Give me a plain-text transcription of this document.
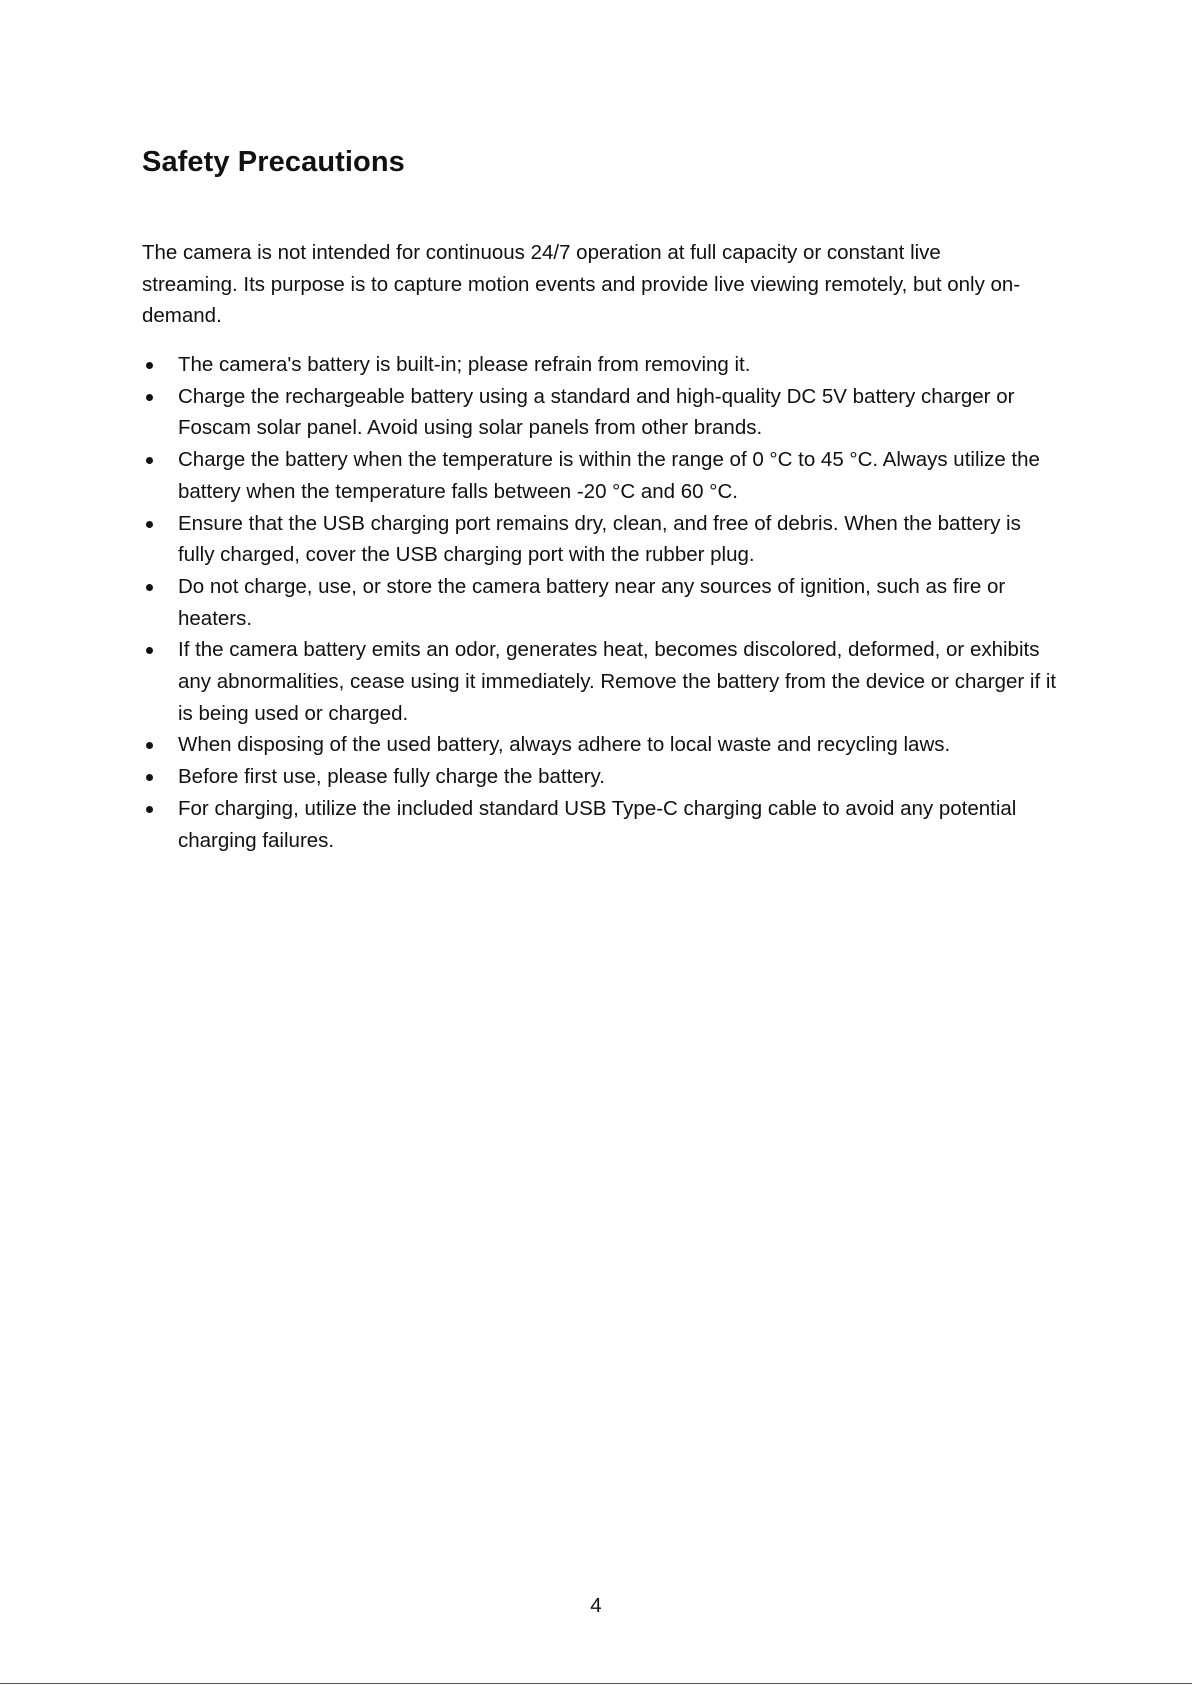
Safety Precautions

The camera is not intended for continuous 24/7 operation at full capacity or constant live streaming. Its purpose is to capture motion events and provide live viewing remotely, but only on-demand.

The camera's battery is built-in; please refrain from removing it.
Charge the rechargeable battery using a standard and high-quality DC 5V battery charger or Foscam solar panel. Avoid using solar panels from other brands.
Charge the battery when the temperature is within the range of 0 °C to 45 °C. Always utilize the battery when the temperature falls between -20 °C and 60 °C.
Ensure that the USB charging port remains dry, clean, and free of debris. When the battery is fully charged, cover the USB charging port with the rubber plug.
Do not charge, use, or store the camera battery near any sources of ignition, such as fire or heaters.
If the camera battery emits an odor, generates heat, becomes discolored, deformed, or exhibits any abnormalities, cease using it immediately. Remove the battery from the device or charger if it is being used or charged.
When disposing of the used battery, always adhere to local waste and recycling laws.
Before first use, please fully charge the battery.
For charging, utilize the included standard USB Type-C charging cable to avoid any potential charging failures.
4
